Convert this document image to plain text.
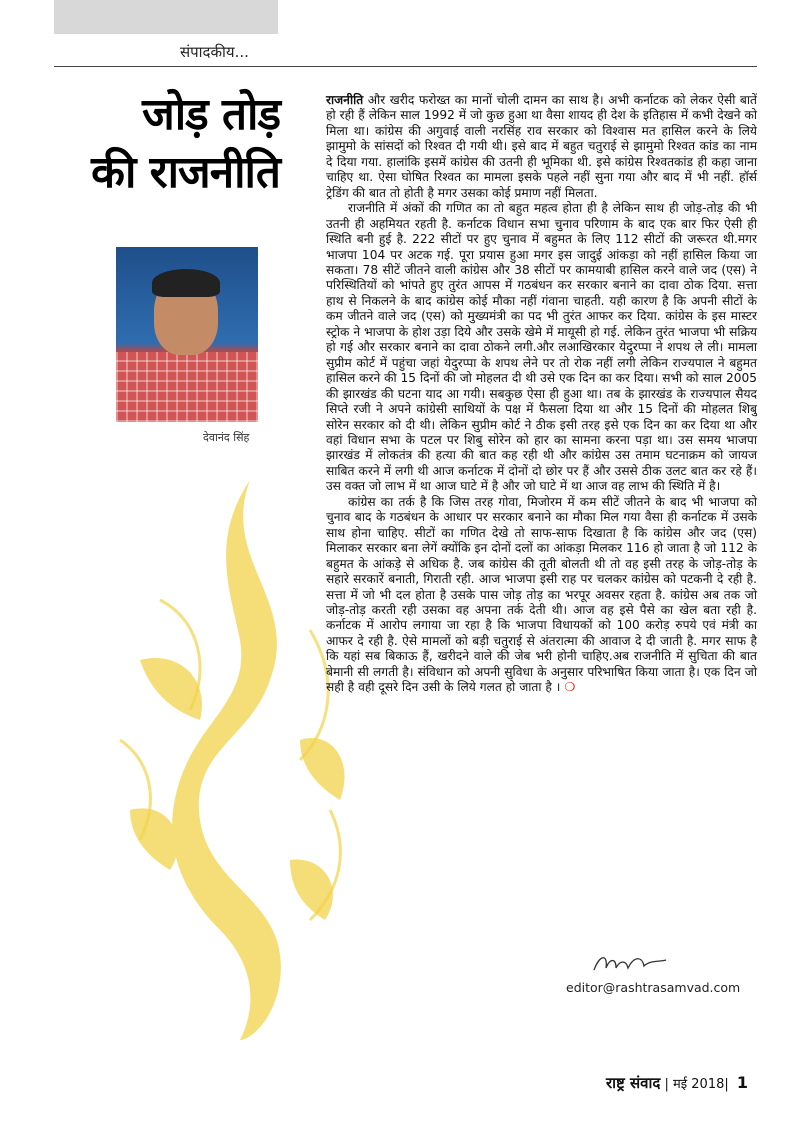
संपादकीय...
जोड़ तोड़
की राजनीति
देवानंद सिंह

राजनीति और खरीद फरोख्त का मानों चोली दामन का साथ है। अभी कर्नाटक को लेकर ऐसी बातें हो रही हैं लेकिन साल 1992 में जो कुछ हुआ था वैसा शायद ही देश के इतिहास में कभी देखने को मिला था। कांग्रेस की अगुवाई वाली नरसिंह राव सरकार को विश्वास मत हासिल करने के लिये झामुमो के सांसदों को रिश्वत दी गयी थी। इसे बाद में बहुत चतुराई से झामुमो रिश्वत कांड का नाम दे दिया गया. हालांकि इसमें कांग्रेस की उतनी ही भूमिका थी. इसे कांग्रेस रिश्वतकांड ही कहा जाना चाहिए था. ऐसा घोषित रिश्वत का मामला इसके पहले नहीं सुना गया और बाद में भी नहीं. हॉर्स ट्रेडिंग की बात तो होती है मगर उसका कोई प्रमाण नहीं मिलता.

राजनीति में अंकों की गणित का तो बहुत महत्व होता ही है लेकिन साथ ही जोड़-तोड़ की भी उतनी ही अहमियत रहती है. कर्नाटक विधान सभा चुनाव परिणाम के बाद एक बार फिर ऐसी ही स्थिति बनी हुई है. 222 सीटों पर हुए चुनाव में बहुमत के लिए 112 सीटों की जरूरत थी.मगर भाजपा 104 पर अटक गई. पूरा प्रयास हुआ मगर इस जादुई आंकड़ा को नहीं हासिल किया जा सकता। 78 सीटें जीतने वाली कांग्रेस और 38 सीटों पर कामयाबी हासिल करने वाले जद (एस) ने परिस्थितियों को भांपते हुए तुरंत आपस में गठबंधन कर सरकार बनाने का दावा ठोक दिया. सत्ता हाथ से निकलने के बाद कांग्रेस कोई मौका नहीं गंवाना चाहती. यही कारण है कि अपनी सीटों के कम जीतने वाले जद (एस) को मुख्यमंत्री का पद भी तुरंत आफर कर दिया. कांग्रेस के इस मास्टर स्ट्रोक ने भाजपा के होश उड़ा दिये और उसके खेमे में मायूसी हो गई. लेकिन तुरंत भाजपा भी सक्रिय हो गई और सरकार बनाने का दावा ठोकने लगी.और लआखिरकार येदुरप्पा ने शपथ ले ली। मामला सुप्रीम कोर्ट में पहुंचा जहां येदुरप्पा के शपथ लेने पर तो रोक नहीं लगी लेकिन राज्यपाल ने बहुमत हासिल करने की 15 दिनों की जो मोहलत दी थी उसे एक दिन का कर दिया। सभी को साल 2005 की झारखंड की घटना याद आ गयी। सबकुछ ऐसा ही हुआ था। तब के झारखंड के राज्यपाल सैयद सिप्ते रजी ने अपने कांग्रेसी साथियों के पक्ष में फैसला दिया था और 15 दिनों की मोहलत शिबु सोरेन सरकार को दी थी। लेकिन सुप्रीम कोर्ट ने ठीक इसी तरह इसे एक दिन का कर दिया था और वहां विधान सभा के पटल पर शिबु सोरेन को हार का सामना करना पड़ा था। उस समय भाजपा झारखंड में लोकतंत्र की हत्या की बात कह रही थी और कांग्रेस उस तमाम घटनाक्रम को जायज साबित करने में लगी थी आज कर्नाटक में दोनों दो छोर पर हैं और उससे ठीक उलट बात कर रहे हैं। उस वक्त जो लाभ में था आज घाटे में है और जो घाटे में था आज वह लाभ की स्थिति में है।

कांग्रेस का तर्क है कि जिस तरह गोवा, मिजोरम में कम सीटें जीतने के बाद भी भाजपा को चुनाव बाद के गठबंधन के आधार पर सरकार बनाने का मौका मिल गया वैसा ही कर्नाटक में उसके साथ होना चाहिए. सीटों का गणित देखे तो साफ-साफ दिखाता है कि कांग्रेस और जद (एस) मिलाकर सरकार बना लेगें क्योंकि इन दोनों दलों का आंकड़ा मिलकर 116 हो जाता है जो 112 के बहुमत के आंकड़े से अधिक है. जब कांग्रेस की तूती बोलती थी तो वह इसी तरह के जोड़-तोड़ के सहारे सरकारें बनाती, गिराती रही. आज भाजपा इसी राह पर चलकर कांग्रेस को पटकनी दे रही है. सत्ता में जो भी दल होता है उसके पास जोड़ तोड़ का भरपूर अवसर रहता है. कांग्रेस अब तक जो जोड़-तोड़ करती रही उसका वह अपना तर्क देती थी। आज वह इसे पैसे का खेल बता रही है. कर्नाटक में आरोप लगाया जा रहा है कि भाजपा विधायकों को 100 करोड़ रुपये एवं मंत्री का आफर दे रही है. ऐसे मामलों को बड़ी चतुराई से अंतरात्मा की आवाज दे दी जाती है. मगर साफ है कि यहां सब बिकाऊ हैं, खरीदने वाले की जेब भरी होनी चाहिए.अब राजनीति में सुचिता की बात बेमानी सी लगती है। संविधान को अपनी सुविधा के अनुसार परिभाषित किया जाता है। एक दिन जो सही है वही दूसरे दिन उसी के लिये गलत हो जाता है । ❍

editor@rashtrasamvad.com
राष्ट्र संवाद | मई 2018| 1
